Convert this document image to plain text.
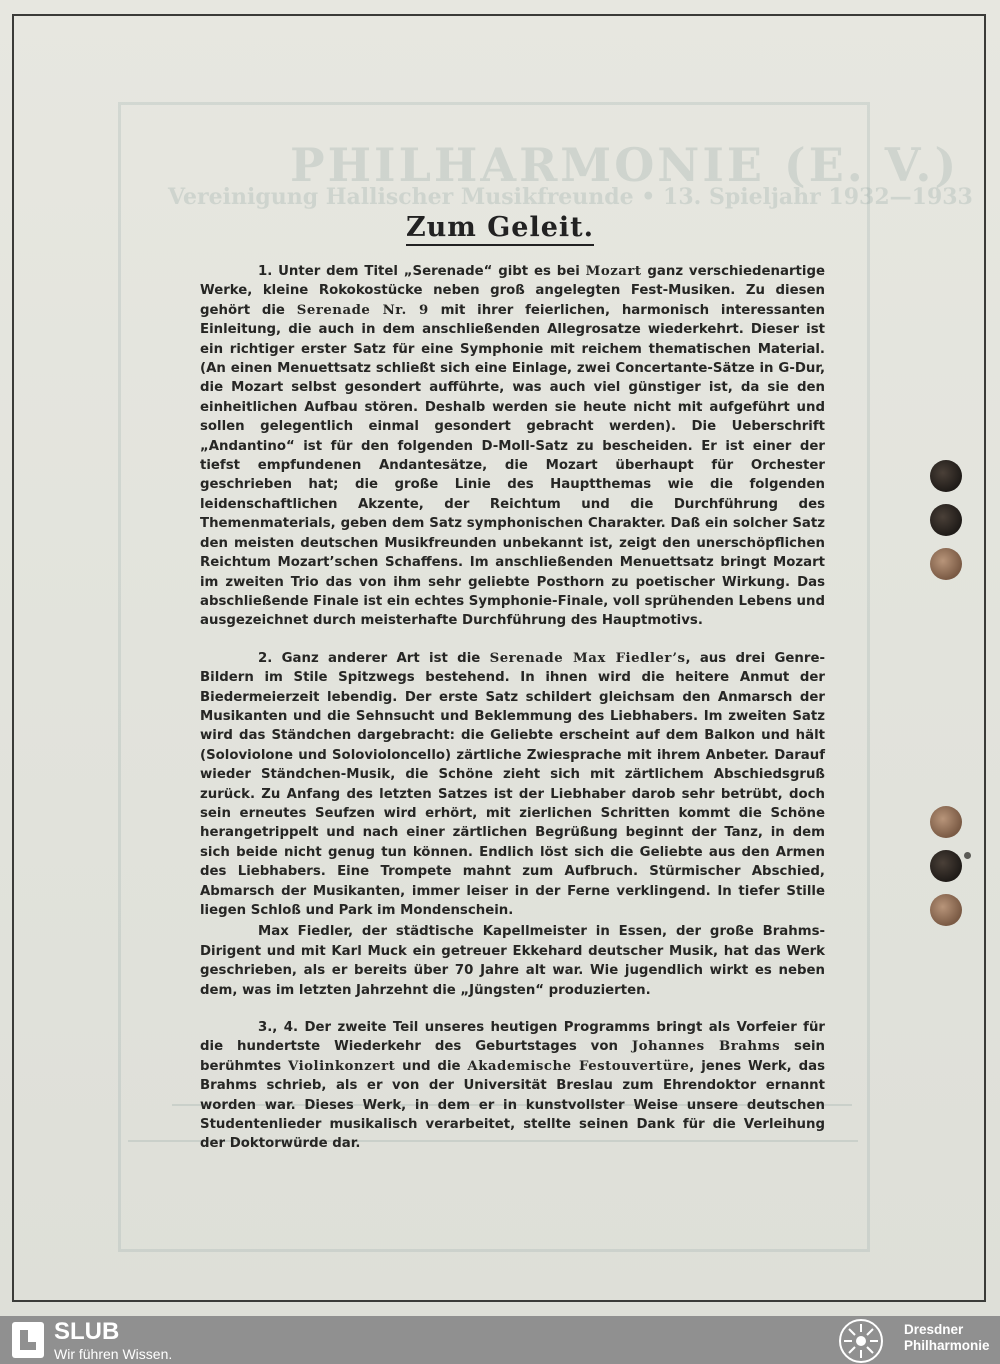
PHILHARMONIE (E. V.)
Vereinigung Hallischer Musikfreunde • 13. Spieljahr 1932—1933
Zum Geleit.

1. Unter dem Titel „Serenade“ gibt es bei Mozart ganz verschiedenartige Werke, kleine Rokokostücke neben groß angelegten Fest-Musiken. Zu diesen gehört die Serenade Nr. 9 mit ihrer feierlichen, harmonisch interessanten Einleitung, die auch in dem anschließenden Allegrosatze wiederkehrt. Dieser ist ein richtiger erster Satz für eine Symphonie mit reichem thematischen Material. (An einen Menuettsatz schließt sich eine Einlage, zwei Concertante-Sätze in G-Dur, die Mozart selbst gesondert aufführte, was auch viel günstiger ist, da sie den einheitlichen Aufbau stören. Deshalb werden sie heute nicht mit aufgeführt und sollen gelegentlich einmal gesondert gebracht werden). Die Ueberschrift „Andantino“ ist für den folgenden D-Moll-Satz zu bescheiden. Er ist einer der tiefst empfundenen Andantesätze, die Mozart überhaupt für Orchester geschrieben hat; die große Linie des Hauptthemas wie die folgenden leidenschaftlichen Akzente, der Reichtum und die Durchführung des Themenmaterials, geben dem Satz symphonischen Charakter. Daß ein solcher Satz den meisten deutschen Musikfreunden unbekannt ist, zeigt den unerschöpflichen Reichtum Mozart’schen Schaffens. Im anschließenden Menuettsatz bringt Mozart im zweiten Trio das von ihm sehr geliebte Posthorn zu poetischer Wirkung. Das abschließende Finale ist ein echtes Symphonie-Finale, voll sprühenden Lebens und ausgezeichnet durch meisterhafte Durchführung des Hauptmotivs.

2. Ganz anderer Art ist die Serenade Max Fiedler’s, aus drei Genre-Bildern im Stile Spitzwegs bestehend. In ihnen wird die heitere Anmut der Biedermeierzeit lebendig. Der erste Satz schildert gleichsam den Anmarsch der Musikanten und die Sehnsucht und Beklemmung des Liebhabers. Im zweiten Satz wird das Ständchen dargebracht: die Geliebte erscheint auf dem Balkon und hält (Soloviolone und Solovioloncello) zärtliche Zwiesprache mit ihrem Anbeter. Darauf wieder Ständchen-Musik, die Schöne zieht sich mit zärtlichem Abschiedsgruß zurück. Zu Anfang des letzten Satzes ist der Liebhaber darob sehr betrübt, doch sein erneutes Seufzen wird erhört, mit zierlichen Schritten kommt die Schöne herangetrippelt und nach einer zärtlichen Begrüßung beginnt der Tanz, in dem sich beide nicht genug tun können. Endlich löst sich die Geliebte aus den Armen des Liebhabers. Eine Trompete mahnt zum Aufbruch. Stürmischer Abschied, Abmarsch der Musikanten, immer leiser in der Ferne verklingend. In tiefer Stille liegen Schloß und Park im Mondenschein.

Max Fiedler, der städtische Kapellmeister in Essen, der große Brahms-Dirigent und mit Karl Muck ein getreuer Ekkehard deutscher Musik, hat das Werk geschrieben, als er bereits über 70 Jahre alt war. Wie jugendlich wirkt es neben dem, was im letzten Jahrzehnt die „Jüngsten“ produzierten.

3., 4. Der zweite Teil unseres heutigen Programms bringt als Vorfeier für die hundertste Wiederkehr des Geburtstages von Johannes Brahms sein berühmtes Violinkonzert und die Akademische Festouvertüre, jenes Werk, das Brahms schrieb, als er von der Universität Breslau zum Ehrendoktor ernannt worden war. Dieses Werk, in dem er in kunstvollster Weise unsere deutschen Studentenlieder musikalisch verarbeitet, stellte seinen Dank für die Verleihung der Doktorwürde dar.

SLUB
Wir führen Wissen.
Dresdner
Philharmonie
